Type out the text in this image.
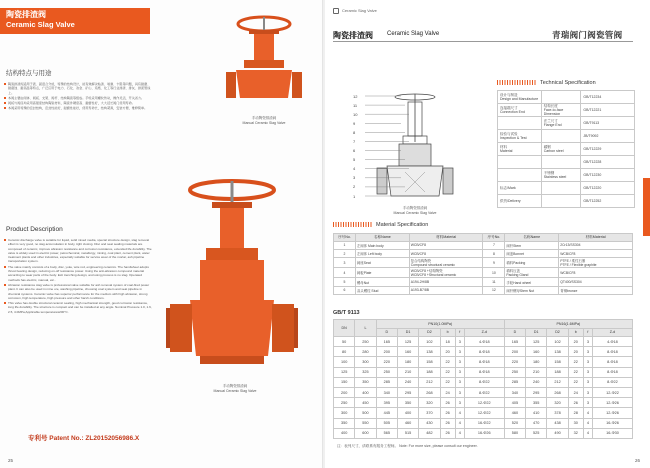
陶瓷排渣阀
Ceramic Slag Valve
结构特点与用途
陶瓷排渣阀适用于液、固混合介质，特殊的结构设计，能有效解决粘渣、堵塞、卡阻等问题，具有耐磨、耐腐蚀、耐高温等特点，广泛应用于电力、石化、冶金、矿山、造纸、化工等行业排渣、排灰、排泥管线上。
本阀主要由阀体、阀板、支架、阀杆、结构陶瓷等组成。手轮采用螺纹传动，操作灵活，开关省力。
阀板与阀座均采用高强度结构陶瓷材料，陶瓷件硬度高、耐磨性好，大大延长阀门使用寿命。
本阀采用特殊的密封结构，密封性能好，耐磨性能好，使用寿命长，结构紧凑，安装方便，维修简单。
Product Description
Ceramic discharge valve is suitable for liquid, solid mixed media, special structure design, slag removal effect is very good, no slag accumulation in body, tight closing. Disc and seat sealing materials are composed of ceramic, improve abrasion resistance and corrosion resistance, extended life durability. The valve is widely used in electric power, petrochemical, metallurgy, mining, coal plant, cement plant, water treatment plants and other industries, especially suitable for service wear of the mortar, ash pipeline transportation system.
The valve mainly consists of a body, disc, yoke, wire rod, engineering ceramics. The handwheel adopts thrust bearing design, reducing on-off resistance power. Using the anti-abrasion compound material according to wear parts of the body. Exit trenching design, and using process is no slag. Operated methods has electric, manual, etc..
Abrasion resistance slag valve is professional valve suitable for ash removal system of coal-fired power plant. It can also be used in mine ore, washing pipeline, choosing coal system and seat pipeline in chemical systems. Ceramic valve has superior performance for the medium with high abrasion, strong corrosion, high temperature, high pressure and other harsh conditions.
This valve has double structural ceramic sealing, high mechanical strength, good corrosion resistance, long life durability. The structure is compact and can be installed at any angle. Nominal Pressure 1.0, 1.6, 2.5, 4.0MPa;Applicable temperature≤200°C.
手动陶瓷排渣阀
Manual Ceramic Slag Valve
手动陶瓷排渣阀
Manual Ceramic Slag Valve
专利号 Patent No.: ZL20152056986.X
25
Ceramic Slag Valve
陶瓷排渣阀 Ceramic Slag Valve	青瑞阀门阀瓷管阀
12
11
10
9
8
7
6
5
4
3
2
1
手动陶瓷排渣阀
Manual Ceramic Slag Valve
Technical Specification
设计与制造
Design and Manufacture		GB/T12234
连接端尺寸
Connection End	结构长度
Face-to-face Dimension	GB/T12221
	法兰尺寸
Flange End	GB/T9113
检验与试验
Inspection & Test		JB/T9092
材料
Material	碳钢
Carbon steel	GB/T12229
		GB/T12228
	不锈钢
Stainless steel	GB/T12230
标志/Mark		GB/T12220
供货/Delivery		GB/T12252
Material Specification
序号No.	名称Name	材料Material	序号No.	名称Name	材料Material
1	左阀体 Main body	WCB/CF8	7	阀杆Stem	2Cr13/SS304
2	左阀体 Left body	WCB/CF8	8	阀盖Bonnet	WCB/CF8
3	阀座Seat	复合结构陶瓷
Compound structural ceramic	9	填料Packing	PTFE / 柔性石墨
PTFE / Flexible graphite
4	阀板Plate	WCB/CF8 +结构陶瓷
WCB/CF8 +Structural ceramic	10	填料压盖
Packing Gland	WCB/CF8
5	螺母Nut	A194-2H/8B	11	手轮Hand wheel	QT400/SS304
6	双头螺柱 Stud	A193-B7/8B	12	阀杆螺母Stem Nut	青铜bronze
GB/T 9113
DN	L	PN10(1.0MPa)						PN16(1.6MPa)					
		D	D1	D2	b	f	Z-d	D	D1	D2	b	f	Z-d
50	250	165	125	102	18	3	4-Φ18	165	125	102	20	3	4-Φ18
80	280	200	160	138	20	3	8-Φ18	200	160	138	20	3	8-Φ18
100	300	220	180	158	22	3	8-Φ18	220	180	158	22	3	8-Φ18
125	325	250	210	188	22	3	8-Φ18	250	210	188	22	3	8-Φ18
150	350	285	240	212	22	3	8-Φ22	285	240	212	22	3	8-Φ22
200	400	340	295	268	24	3	8-Φ22	340	295	268	24	3	12-Φ22
250	450	395	350	320	26	3	12-Φ22	405	355	320	26	3	12-Φ26
300	500	445	400	370	26	4	12-Φ22	460	410	378	28	4	12-Φ26
350	550	505	460	430	26	4	16-Φ22	520	470	438	30	4	16-Φ26
400	600	565	515	482	26	4	16-Φ26	580	525	490	32	4	16-Φ30
注：表列尺寸，请联系有服务工程师。 Note: For more size, please consult our engineer.
26
